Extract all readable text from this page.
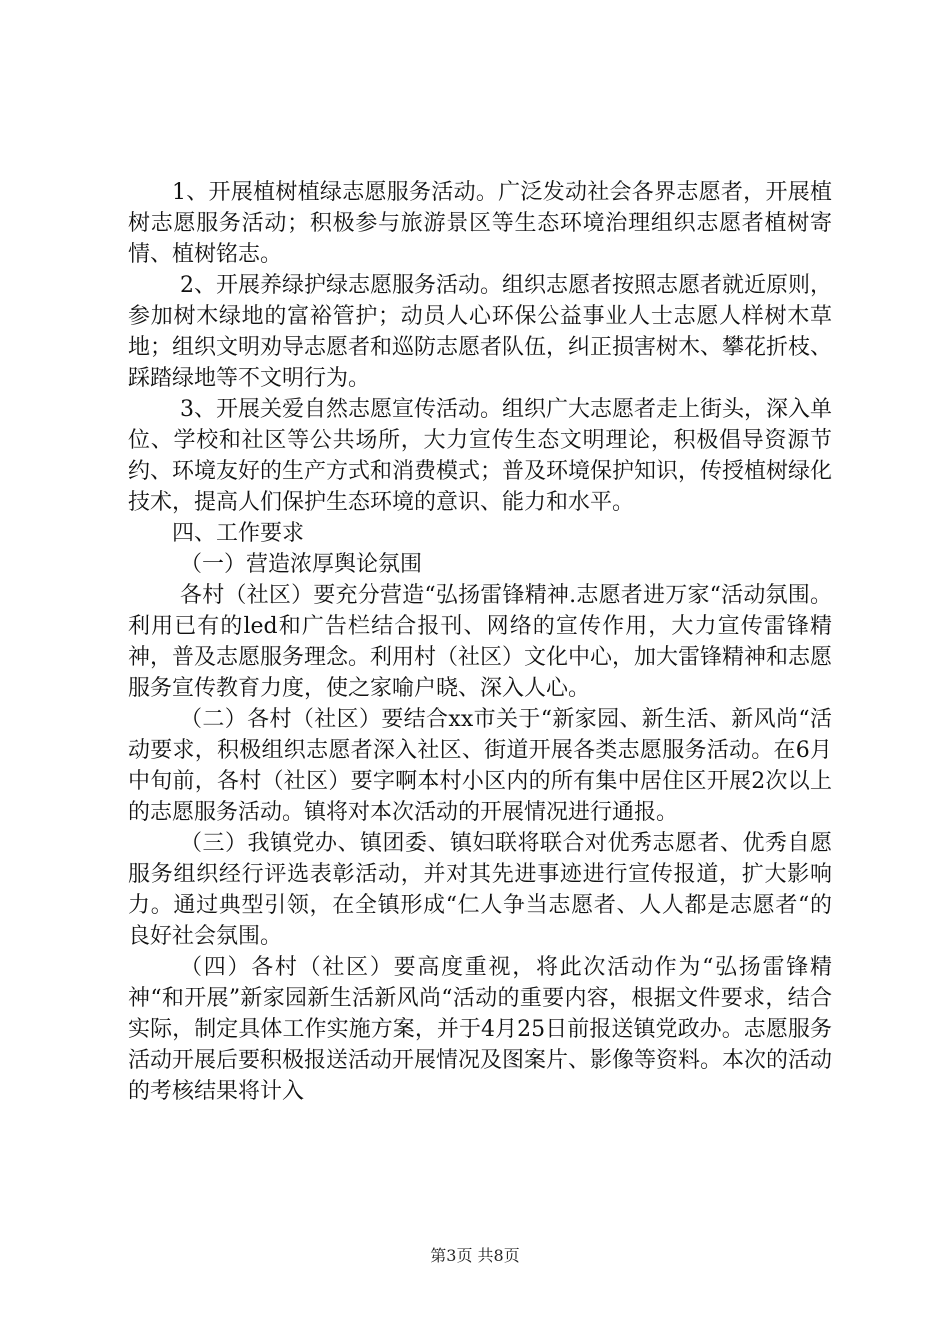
1、开展植树植绿志愿服务活动。广泛发动社会各界志愿者，开展植树志愿服务活动；积极参与旅游景区等生态环境治理组织志愿者植树寄情、植树铭志。

2、开展养绿护绿志愿服务活动。组织志愿者按照志愿者就近原则，参加树木绿地的富裕管护；动员人心环保公益事业人士志愿人样树木草地；组织文明劝导志愿者和巡防志愿者队伍，纠正损害树木、攀花折枝、踩踏绿地等不文明行为。

3、开展关爱自然志愿宣传活动。组织广大志愿者走上街头，深入单位、学校和社区等公共场所，大力宣传生态文明理论，积极倡导资源节约、环境友好的生产方式和消费模式；普及环境保护知识，传授植树绿化技术，提高人们保护生态环境的意识、能力和水平。

四、工作要求

（一）营造浓厚舆论氛围

各村（社区）要充分营造“弘扬雷锋精神.志愿者进万家“活动氛围。利用已有的led和广告栏结合报刊、网络的宣传作用，大力宣传雷锋精神，普及志愿服务理念。利用村（社区）文化中心，加大雷锋精神和志愿服务宣传教育力度，使之家喻户晓、深入人心。

（二）各村（社区）要结合xx市关于“新家园、新生活、新风尚“活动要求，积极组织志愿者深入社区、街道开展各类志愿服务活动。在6月中旬前，各村（社区）要字啊本村小区内的所有集中居住区开展2次以上的志愿服务活动。镇将对本次活动的开展情况进行通报。

（三）我镇党办、镇团委、镇妇联将联合对优秀志愿者、优秀自愿服务组织经行评选表彰活动，并对其先进事迹进行宣传报道，扩大影响力。通过典型引领，在全镇形成“仁人争当志愿者、人人都是志愿者“的良好社会氛围。

（四）各村（社区）要高度重视，将此次活动作为“弘扬雷锋精神“和开展”新家园新生活新风尚“活动的重要内容，根据文件要求，结合实际，制定具体工作实施方案，并于4月25日前报送镇党政办。志愿服务活动开展后要积极报送活动开展情况及图案片、影像等资料。本次的活动的考核结果将计入

第3页 共8页
